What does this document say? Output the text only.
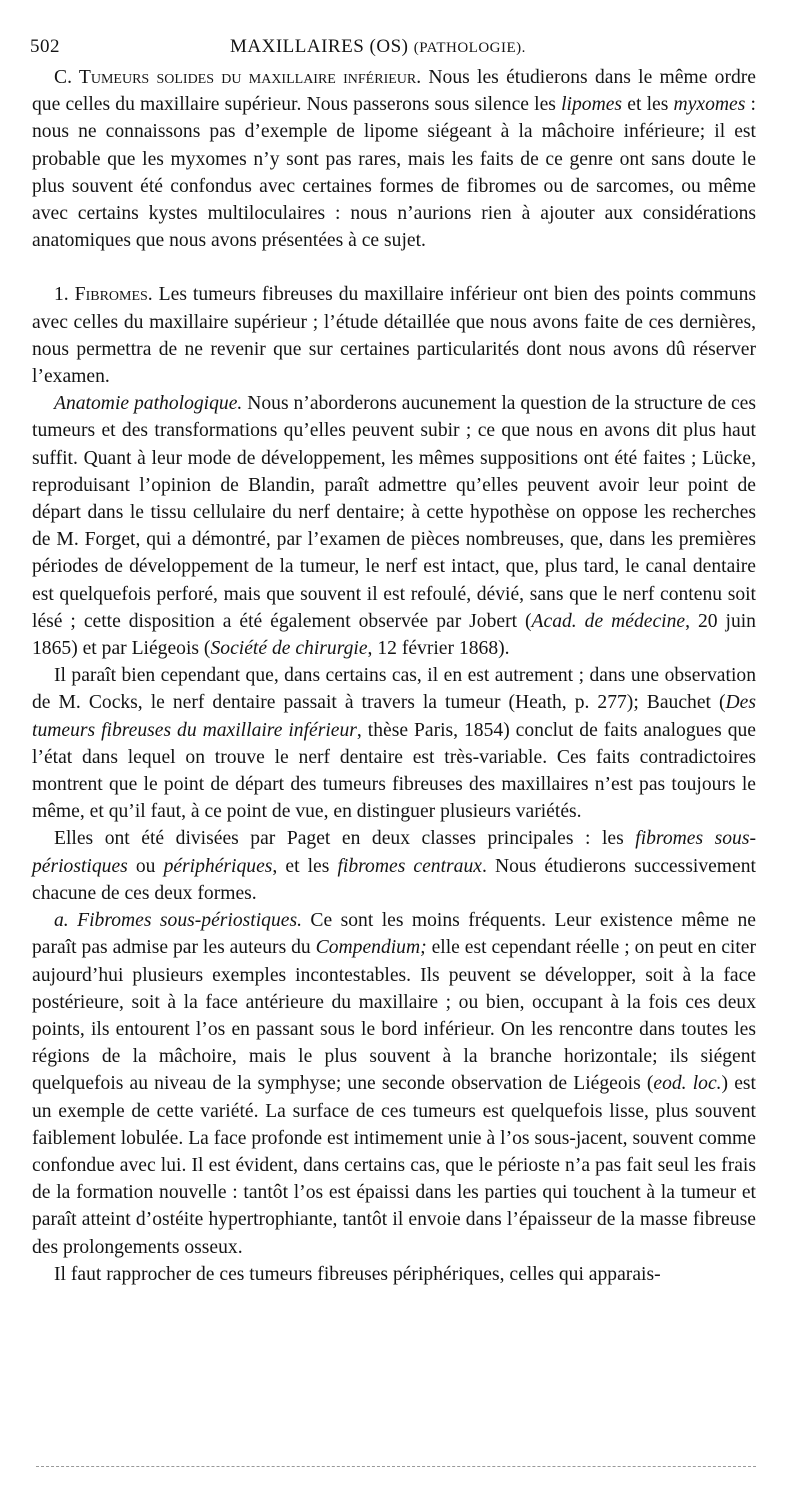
502	MAXILLAIRES (OS) (PATHOLOGIE).

C. Tumeurs solides du maxillaire inférieur. Nous les étudierons dans le même ordre que celles du maxillaire supérieur. Nous passerons sous silence les lipomes et les myxomes : nous ne connaissons pas d’exemple de lipome siégeant à la mâchoire inférieure; il est probable que les myxomes n’y sont pas rares, mais les faits de ce genre ont sans doute le plus souvent été confondus avec certaines formes de fibromes ou de sarcomes, ou même avec certains kystes multiloculaires : nous n’aurions rien à ajouter aux considérations anatomiques que nous avons présentées à ce sujet.

1. Fibromes. Les tumeurs fibreuses du maxillaire inférieur ont bien des points communs avec celles du maxillaire supérieur ; l’étude détaillée que nous avons faite de ces dernières, nous permettra de ne revenir que sur certaines particularités dont nous avons dû réserver l’examen.

Anatomie pathologique. Nous n’aborderons aucunement la question de la structure de ces tumeurs et des transformations qu’elles peuvent subir ; ce que nous en avons dit plus haut suffit. Quant à leur mode de développement, les mêmes suppositions ont été faites ; Lücke, reproduisant l’opinion de Blandin, paraît admettre qu’elles peuvent avoir leur point de départ dans le tissu cellulaire du nerf dentaire; à cette hypothèse on oppose les recherches de M. Forget, qui a démontré, par l’examen de pièces nombreuses, que, dans les premières périodes de développement de la tumeur, le nerf est intact, que, plus tard, le canal dentaire est quelquefois perforé, mais que souvent il est refoulé, dévié, sans que le nerf contenu soit lésé ; cette disposition a été également observée par Jobert (Acad. de médecine, 20 juin 1865) et par Liégeois (Société de chirurgie, 12 février 1868).

Il paraît bien cependant que, dans certains cas, il en est autrement ; dans une observation de M. Cocks, le nerf dentaire passait à travers la tumeur (Heath, p. 277); Bauchet (Des tumeurs fibreuses du maxillaire inférieur, thèse Paris, 1854) conclut de faits analogues que l’état dans lequel on trouve le nerf dentaire est très-variable. Ces faits contradictoires montrent que le point de départ des tumeurs fibreuses des maxillaires n’est pas toujours le même, et qu’il faut, à ce point de vue, en distinguer plusieurs variétés.

Elles ont été divisées par Paget en deux classes principales : les fibromes sous-périostiques ou périphériques, et les fibromes centraux. Nous étudierons successivement chacune de ces deux formes.

a. Fibromes sous-périostiques. Ce sont les moins fréquents. Leur existence même ne paraît pas admise par les auteurs du Compendium; elle est cependant réelle ; on peut en citer aujourd’hui plusieurs exemples incontestables. Ils peuvent se développer, soit à la face postérieure, soit à la face antérieure du maxillaire ; ou bien, occupant à la fois ces deux points, ils entourent l’os en passant sous le bord inférieur. On les rencontre dans toutes les régions de la mâchoire, mais le plus souvent à la branche horizontale; ils siégent quelquefois au niveau de la symphyse; une seconde observation de Liégeois (eod. loc.) est un exemple de cette variété. La surface de ces tumeurs est quelquefois lisse, plus souvent faiblement lobulée. La face profonde est intimement unie à l’os sous-jacent, souvent comme confondue avec lui. Il est évident, dans certains cas, que le périoste n’a pas fait seul les frais de la formation nouvelle : tantôt l’os est épaissi dans les parties qui touchent à la tumeur et paraît atteint d’ostéite hypertrophiante, tantôt il envoie dans l’épaisseur de la masse fibreuse des prolongements osseux.

Il faut rapprocher de ces tumeurs fibreuses périphériques, celles qui apparais-
